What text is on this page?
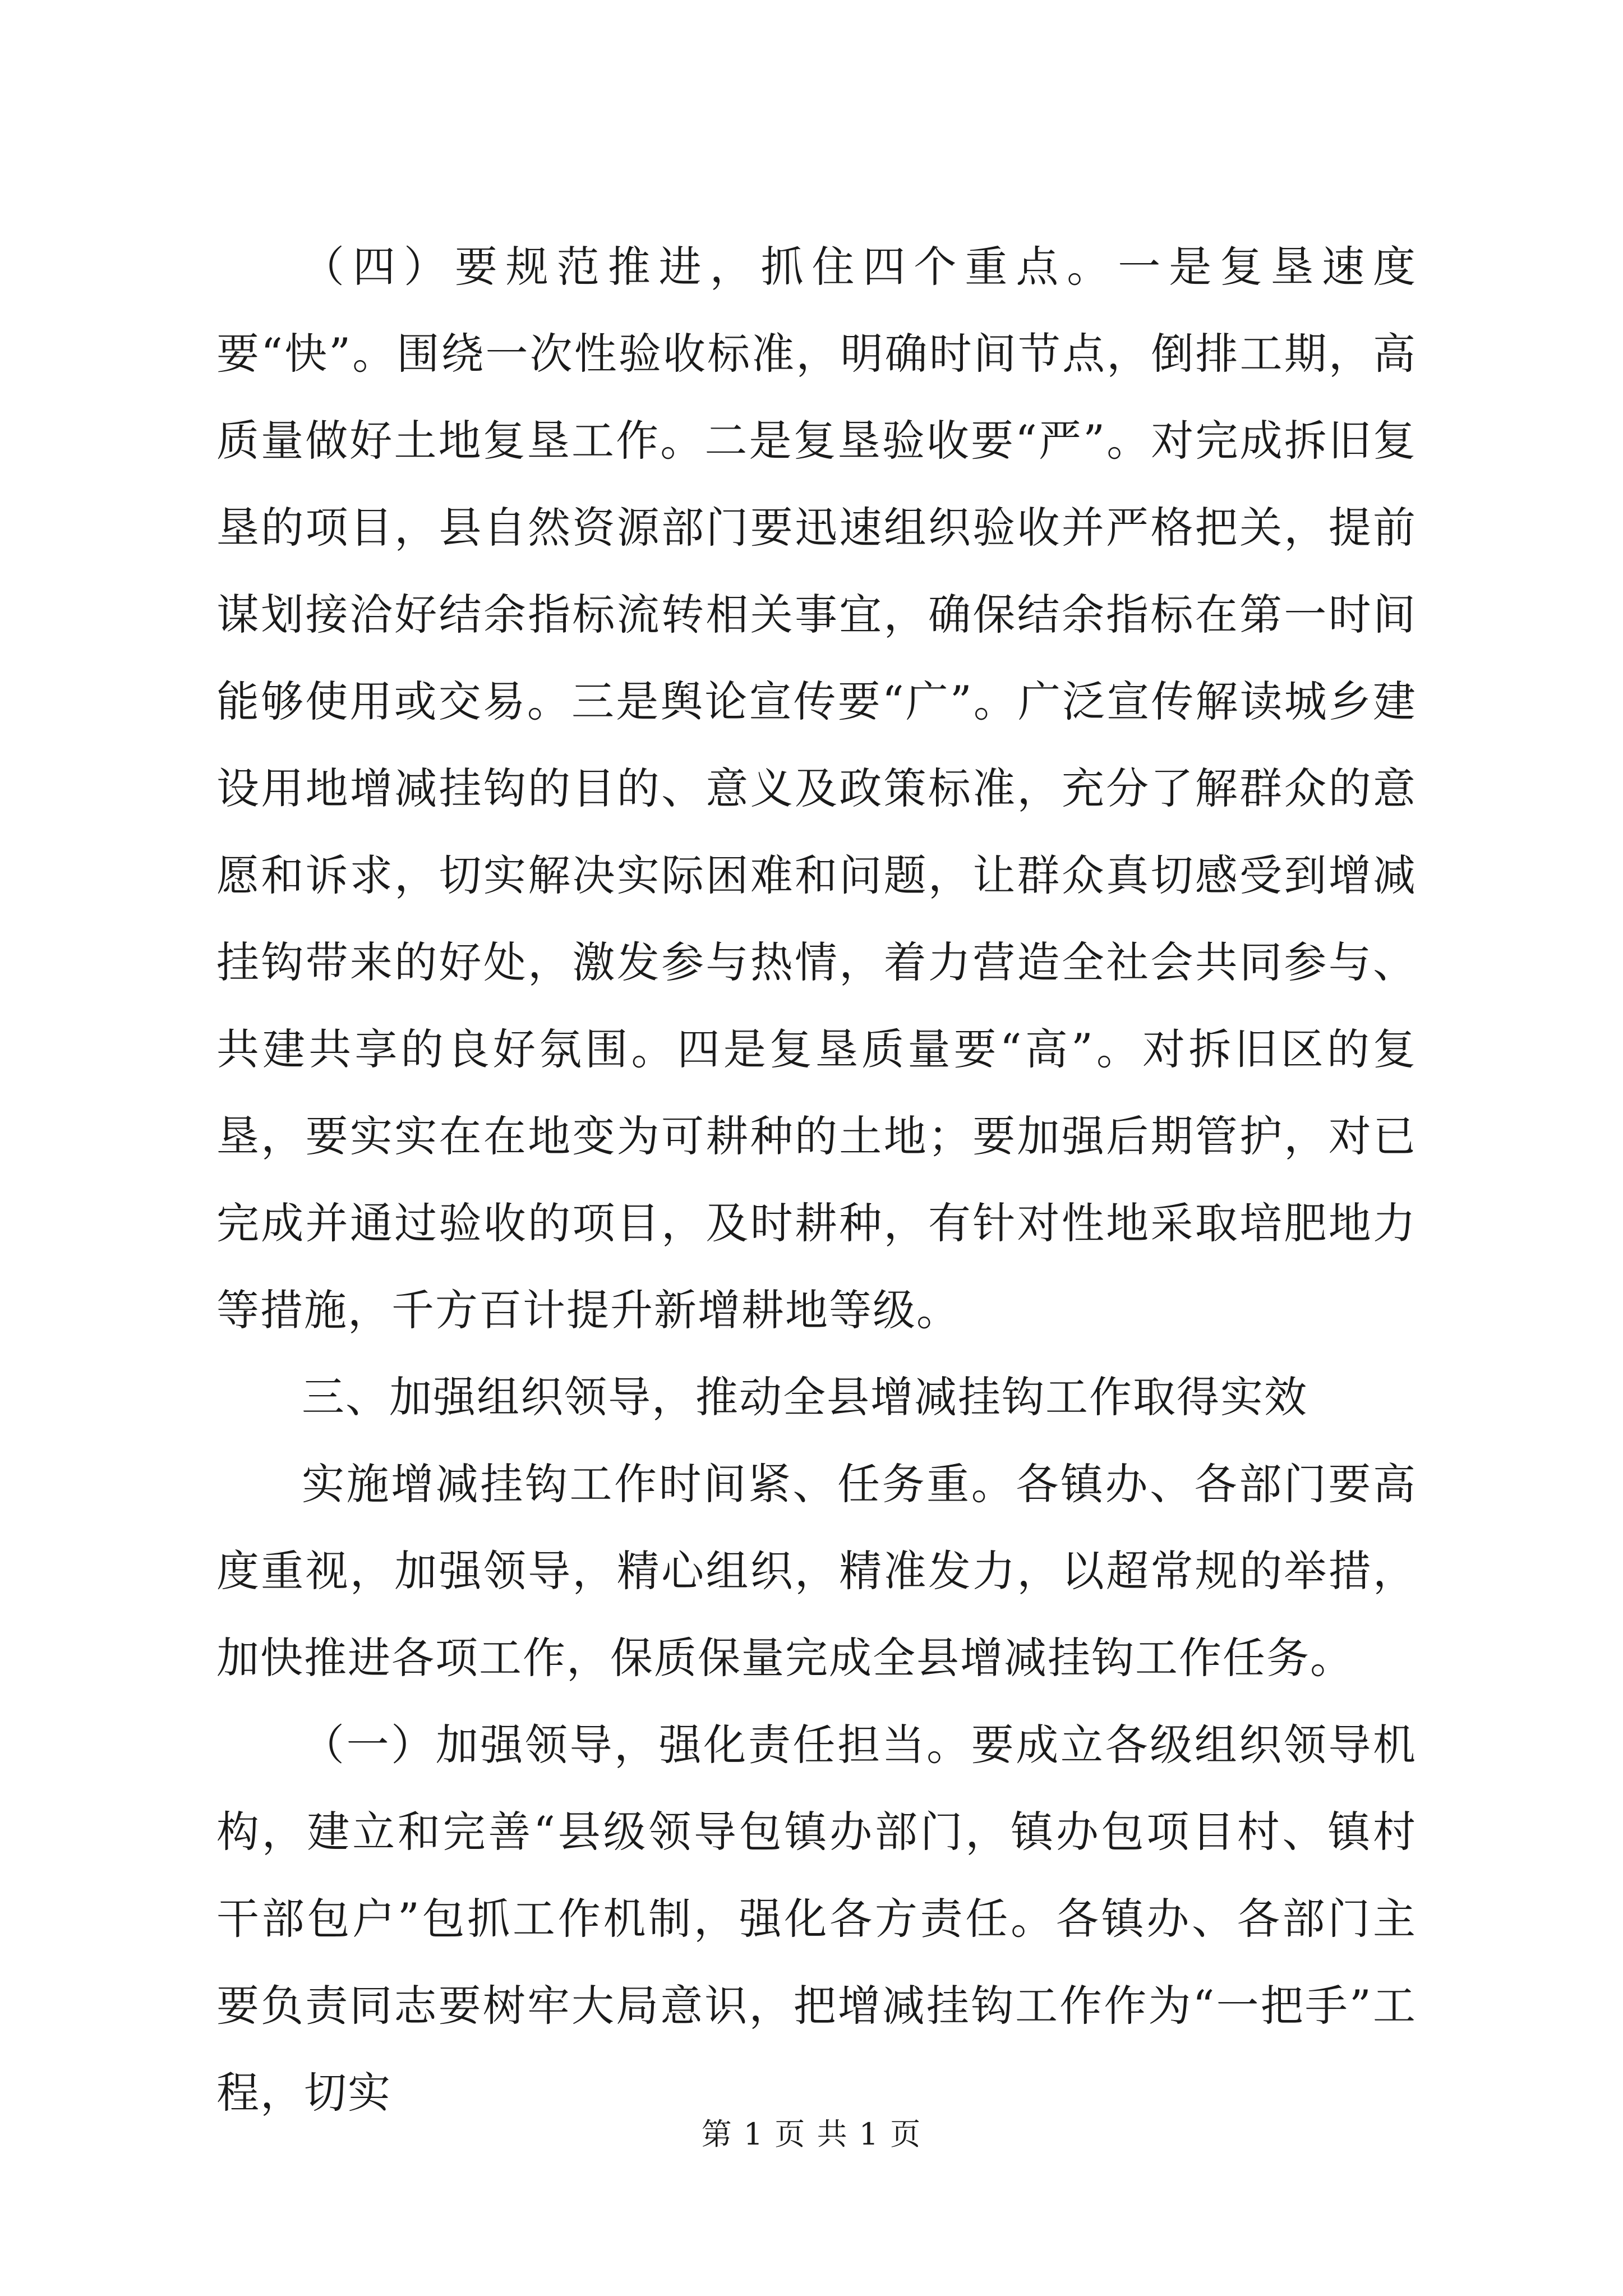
（四）要规范推进，抓住四个重点。一是复垦速度要“快”。围绕一次性验收标准，明确时间节点，倒排工期，高质量做好土地复垦工作。二是复垦验收要“严”。对完成拆旧复垦的项目，县自然资源部门要迅速组织验收并严格把关，提前谋划接洽好结余指标流转相关事宜，确保结余指标在第一时间能够使用或交易。三是舆论宣传要“广”。广泛宣传解读城乡建设用地增减挂钩的目的、意义及政策标准，充分了解群众的意愿和诉求，切实解决实际困难和问题，让群众真切感受到增减挂钩带来的好处，激发参与热情，着力营造全社会共同参与、共建共享的良好氛围。四是复垦质量要“高”。对拆旧区的复垦，要实实在在地变为可耕种的土地；要加强后期管护，对已完成并通过验收的项目，及时耕种，有针对性地采取培肥地力等措施，千方百计提升新增耕地等级。

三、加强组织领导，推动全县增减挂钩工作取得实效

实施增减挂钩工作时间紧、任务重。各镇办、各部门要高度重视，加强领导，精心组织，精准发力，以超常规的举措，加快推进各项工作，保质保量完成全县增减挂钩工作任务。

（一）加强领导，强化责任担当。要成立各级组织领导机构，建立和完善“县级领导包镇办部门，镇办包项目村、镇村干部包户”包抓工作机制，强化各方责任。各镇办、各部门主要负责同志要树牢大局意识，把增减挂钩工作作为“一把手”工程，切实

第 1 页 共 1 页
